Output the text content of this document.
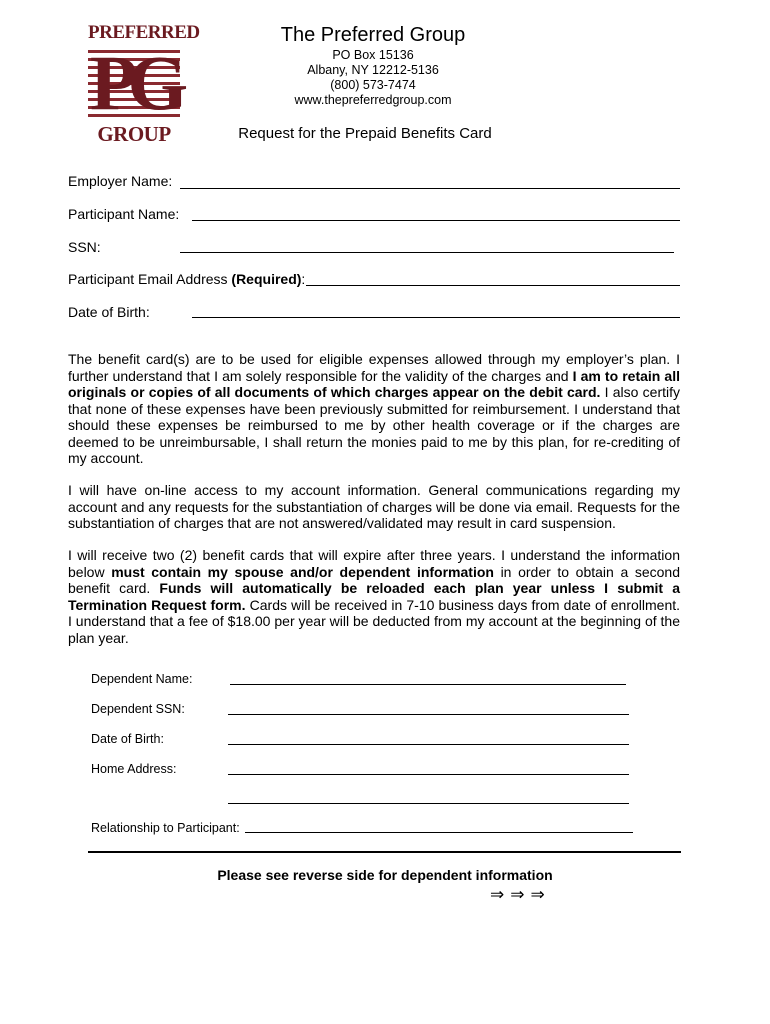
PREFERRED
PG
GROUP
The Preferred Group
PO Box 15136
Albany, NY 12212-5136
(800) 573-7474
www.thepreferredgroup.com
Request for the Prepaid Benefits Card
Employer Name:
Participant Name:
SSN:
Participant Email Address (Required):
Date of Birth:
The benefit card(s) are to be used for eligible expenses allowed through my employer’s plan. I further understand that I am solely responsible for the validity of the charges and I am to retain all originals or copies of all documents of which charges appear on the debit card. I also certify that none of these expenses have been previously submitted for reimbursement. I understand that should these expenses be reimbursed to me by other health coverage or if the charges are deemed to be unreimbursable, I shall return the monies paid to me by this plan, for re-crediting of my account.
I will have on-line access to my account information. General communications regarding my account and any requests for the substantiation of charges will be done via email. Requests for the substantiation of charges that are not answered/validated may result in card suspension.
I will receive two (2) benefit cards that will expire after three years. I understand the information below must contain my spouse and/or dependent information in order to obtain a second benefit card. Funds will automatically be reloaded each plan year unless I submit a Termination Request form. Cards will be received in 7-10 business days from date of enrollment. I understand that a fee of $18.00 per year will be deducted from my account at the beginning of the plan year.
Dependent Name:
Dependent SSN:
Date of Birth:
Home Address:
Relationship to Participant:
Please see reverse side for dependent information
⇒⇒⇒
